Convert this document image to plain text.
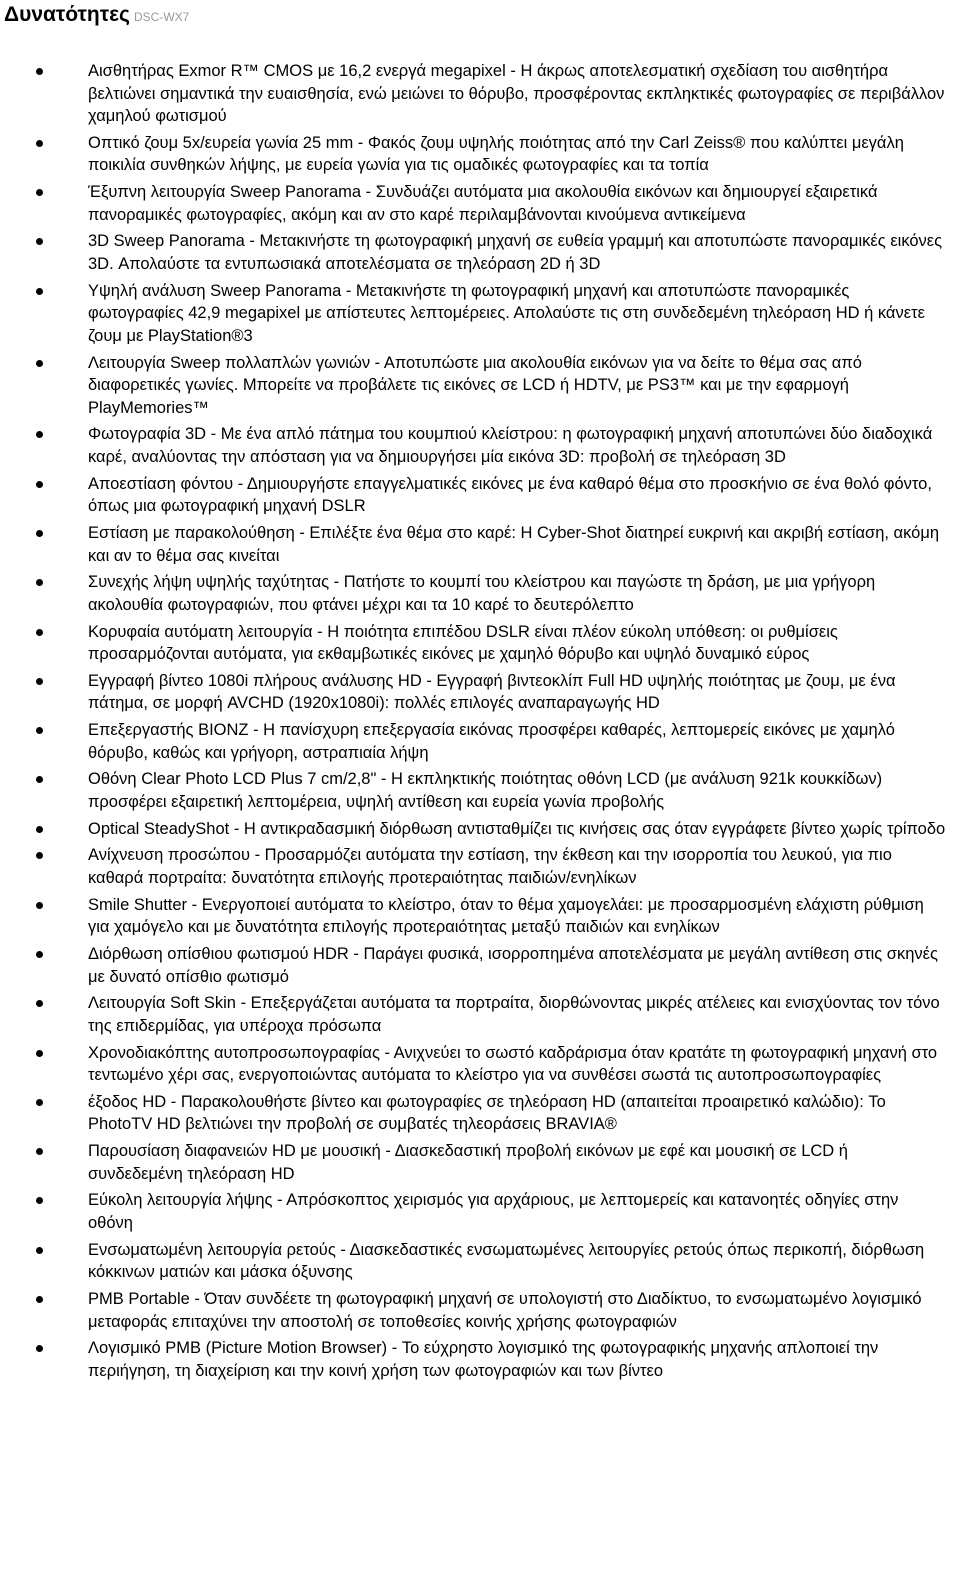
Δυνατότητες DSC-WX7
Αισθητήρας Exmor R™ CMOS με 16,2 ενεργά megapixel - Η άκρως αποτελεσματική σχεδίαση του αισθητήρα βελτιώνει σημαντικά την ευαισθησία, ενώ μειώνει το θόρυβο, προσφέροντας εκπληκτικές φωτογραφίες σε περιβάλλον χαμηλού φωτισμού
Οπτικό ζουμ 5x/ευρεία γωνία 25 mm - Φακός ζουμ υψηλής ποιότητας από την Carl Zeiss® που καλύπτει μεγάλη ποικιλία συνθηκών λήψης, με ευρεία γωνία για τις ομαδικές φωτογραφίες και τα τοπία
Έξυπνη λειτουργία Sweep Panorama - Συνδυάζει αυτόματα μια ακολουθία εικόνων και δημιουργεί εξαιρετικά πανοραμικές φωτογραφίες, ακόμη και αν στο καρέ περιλαμβάνονται κινούμενα αντικείμενα
3D Sweep Panorama - Μετακινήστε τη φωτογραφική μηχανή σε ευθεία γραμμή και αποτυπώστε πανοραμικές εικόνες 3D. Απολαύστε τα εντυπωσιακά αποτελέσματα σε τηλεόραση 2D ή 3D
Υψηλή ανάλυση Sweep Panorama - Μετακινήστε τη φωτογραφική μηχανή και αποτυπώστε πανοραμικές φωτογραφίες 42,9 megapixel με απίστευτες λεπτομέρειες. Απολαύστε τις στη συνδεδεμένη τηλεόραση HD ή κάνετε ζουμ με PlayStation®3
Λειτουργία Sweep πολλαπλών γωνιών - Αποτυπώστε μια ακολουθία εικόνων για να δείτε το θέμα σας από διαφορετικές γωνίες. Μπορείτε να προβάλετε τις εικόνες σε LCD ή HDTV, με PS3™ και με την εφαρμογή PlayMemories™
Φωτογραφία 3D - Με ένα απλό πάτημα του κουμπιού κλείστρου: η φωτογραφική μηχανή αποτυπώνει δύο διαδοχικά καρέ, αναλύοντας την απόσταση για να δημιουργήσει μία εικόνα 3D: προβολή σε τηλεόραση 3D
Αποεστίαση φόντου - Δημιουργήστε επαγγελματικές εικόνες με ένα καθαρό θέμα στο προσκήνιο σε ένα θολό φόντο, όπως μια φωτογραφική μηχανή DSLR
Εστίαση με παρακολούθηση - Επιλέξτε ένα θέμα στο καρέ: Η Cyber-Shot διατηρεί ευκρινή και ακριβή εστίαση, ακόμη και αν το θέμα σας κινείται
Συνεχής λήψη υψηλής ταχύτητας - Πατήστε το κουμπί του κλείστρου και παγώστε τη δράση, με μια γρήγορη ακολουθία φωτογραφιών, που φτάνει μέχρι και τα 10 καρέ το δευτερόλεπτο
Κορυφαία αυτόματη λειτουργία - Η ποιότητα επιπέδου DSLR είναι πλέον εύκολη υπόθεση: οι ρυθμίσεις προσαρμόζονται αυτόματα, για εκθαμβωτικές εικόνες με χαμηλό θόρυβο και υψηλό δυναμικό εύρος
Εγγραφή βίντεο 1080i πλήρους ανάλυσης HD - Εγγραφή βιντεοκλίπ Full HD υψηλής ποιότητας με ζουμ, με ένα πάτημα, σε μορφή AVCHD (1920x1080i): πολλές επιλογές αναπαραγωγής HD
Επεξεργαστής BIONZ - Η πανίσχυρη επεξεργασία εικόνας προσφέρει καθαρές, λεπτομερείς εικόνες με χαμηλό θόρυβο, καθώς και γρήγορη, αστραπιαία λήψη
Οθόνη Clear Photo LCD Plus 7 cm/2,8" - Η εκπληκτικής ποιότητας οθόνη LCD (με ανάλυση 921k κουκκίδων) προσφέρει εξαιρετική λεπτομέρεια, υψηλή αντίθεση και ευρεία γωνία προβολής
Optical SteadyShot - Η αντικραδασμική διόρθωση αντισταθμίζει τις κινήσεις σας όταν εγγράφετε βίντεο χωρίς τρίποδο
Ανίχνευση προσώπου - Προσαρμόζει αυτόματα την εστίαση, την έκθεση και την ισορροπία του λευκού, για πιο καθαρά πορτραίτα: δυνατότητα επιλογής προτεραιότητας παιδιών/ενηλίκων
Smile Shutter - Ενεργοποιεί αυτόματα το κλείστρο, όταν το θέμα χαμογελάει: με προσαρμοσμένη ελάχιστη ρύθμιση για χαμόγελο και με δυνατότητα επιλογής προτεραιότητας μεταξύ παιδιών και ενηλίκων
Διόρθωση οπίσθιου φωτισμού HDR - Παράγει φυσικά, ισορροπημένα αποτελέσματα με μεγάλη αντίθεση στις σκηνές με δυνατό οπίσθιο φωτισμό
Λειτουργία Soft Skin - Επεξεργάζεται αυτόματα τα πορτραίτα, διορθώνοντας μικρές ατέλειες και ενισχύοντας τον τόνο της επιδερμίδας, για υπέροχα πρόσωπα
Χρονοδιακόπτης αυτοπροσωπογραφίας - Ανιχνεύει το σωστό καδράρισμα όταν κρατάτε τη φωτογραφική μηχανή στο τεντωμένο χέρι σας, ενεργοποιώντας αυτόματα το κλείστρο για να συνθέσει σωστά τις αυτοπροσωπογραφίες
έξοδος HD - Παρακολουθήστε βίντεο και φωτογραφίες σε τηλεόραση HD (απαιτείται προαιρετικό καλώδιο): Το PhotoTV HD βελτιώνει την προβολή σε συμβατές τηλεοράσεις BRAVIA®
Παρουσίαση διαφανειών HD με μουσική - Διασκεδαστική προβολή εικόνων με εφέ και μουσική σε LCD ή συνδεδεμένη τηλεόραση HD
Εύκολη λειτουργία λήψης - Απρόσκοπτος χειρισμός για αρχάριους, με λεπτομερείς και κατανοητές οδηγίες στην οθόνη
Ενσωματωμένη λειτουργία ρετούς - Διασκεδαστικές ενσωματωμένες λειτουργίες ρετούς όπως περικοπή, διόρθωση κόκκινων ματιών και μάσκα όξυνσης
PMB Portable - Όταν συνδέετε τη φωτογραφική μηχανή σε υπολογιστή στο Διαδίκτυο, το ενσωματωμένο λογισμικό μεταφοράς επιταχύνει την αποστολή σε τοποθεσίες κοινής χρήσης φωτογραφιών
Λογισμικό PMB (Picture Motion Browser) - Το εύχρηστο λογισμικό της φωτογραφικής μηχανής απλοποιεί την περιήγηση, τη διαχείριση και την κοινή χρήση των φωτογραφιών και των βίντεο
